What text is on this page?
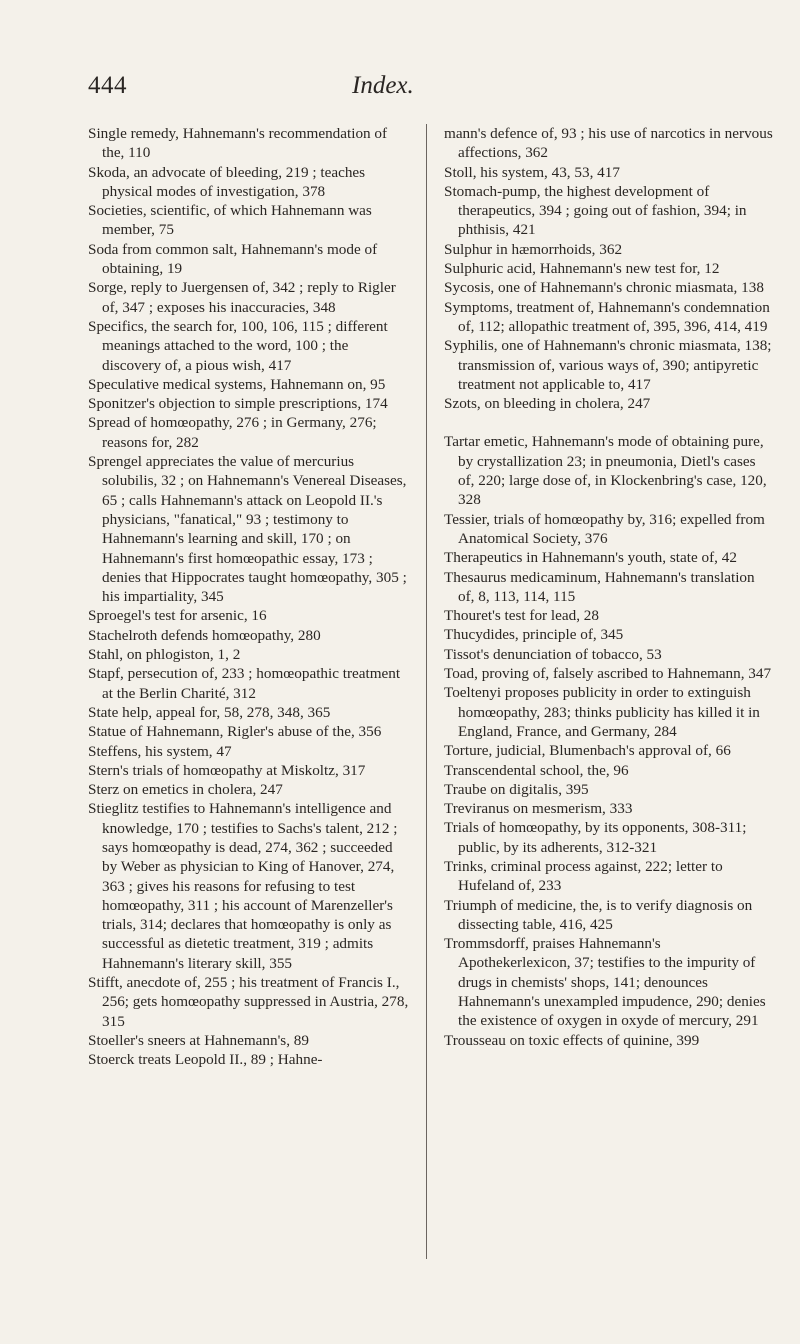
444	Index.

Single remedy, Hahnemann's recommendation of the, 110

Skoda, an advocate of bleeding, 219 ; teaches physical modes of investigation, 378

Societies, scientific, of which Hahnemann was member, 75

Soda from common salt, Hahnemann's mode of obtaining, 19

Sorge, reply to Juergensen of, 342 ; reply to Rigler of, 347 ; exposes his inaccuracies, 348

Specifics, the search for, 100, 106, 115 ; different meanings attached to the word, 100 ; the discovery of, a pious wish, 417

Speculative medical systems, Hahnemann on, 95

Sponitzer's objection to simple prescriptions, 174

Spread of homœopathy, 276 ; in Germany, 276; reasons for, 282

Sprengel appreciates the value of mercurius solubilis, 32 ; on Hahnemann's Venereal Diseases, 65 ; calls Hahnemann's attack on Leopold II.'s physicians, "fanatical," 93 ; testimony to Hahnemann's learning and skill, 170 ; on Hahnemann's first homœopathic essay, 173 ; denies that Hippocrates taught homœopathy, 305 ; his impartiality, 345

Sproegel's test for arsenic, 16

Stachelroth defends homœopathy, 280

Stahl, on phlogiston, 1, 2

Stapf, persecution of, 233 ; homœopathic treatment at the Berlin Charité, 312

State help, appeal for, 58, 278, 348, 365

Statue of Hahnemann, Rigler's abuse of the, 356

Steffens, his system, 47

Stern's trials of homœopathy at Miskoltz, 317

Sterz on emetics in cholera, 247

Stieglitz testifies to Hahnemann's intelligence and knowledge, 170 ; testifies to Sachs's talent, 212 ; says homœopathy is dead, 274, 362 ; succeeded by Weber as physician to King of Hanover, 274, 363 ; gives his reasons for refusing to test homœopathy, 311 ; his account of Marenzeller's trials, 314; declares that homœopathy is only as successful as dietetic treatment, 319 ; admits Hahnemann's literary skill, 355

Stifft, anecdote of, 255 ; his treatment of Francis I., 256; gets homœopathy suppressed in Austria, 278, 315

Stoeller's sneers at Hahnemann's, 89

Stoerck treats Leopold II., 89 ; Hahne-

mann's defence of, 93 ; his use of narcotics in nervous affections, 362

Stoll, his system, 43, 53, 417

Stomach-pump, the highest development of therapeutics, 394 ; going out of fashion, 394; in phthisis, 421

Sulphur in hæmorrhoids, 362

Sulphuric acid, Hahnemann's new test for, 12

Sycosis, one of Hahnemann's chronic miasmata, 138

Symptoms, treatment of, Hahnemann's condemnation of, 112; allopathic treatment of, 395, 396, 414, 419

Syphilis, one of Hahnemann's chronic miasmata, 138; transmission of, various ways of, 390; antipyretic treatment not applicable to, 417

Szots, on bleeding in cholera, 247

Tartar emetic, Hahnemann's mode of obtaining pure, by crystallization 23; in pneumonia, Dietl's cases of, 220; large dose of, in Klockenbring's case, 120, 328

Tessier, trials of homœopathy by, 316; expelled from Anatomical Society, 376

Therapeutics in Hahnemann's youth, state of, 42

Thesaurus medicaminum, Hahnemann's translation of, 8, 113, 114, 115

Thouret's test for lead, 28

Thucydides, principle of, 345

Tissot's denunciation of tobacco, 53

Toad, proving of, falsely ascribed to Hahnemann, 347

Toeltenyi proposes publicity in order to extinguish homœopathy, 283; thinks publicity has killed it in England, France, and Germany, 284

Torture, judicial, Blumenbach's approval of, 66

Transcendental school, the, 96

Traube on digitalis, 395

Treviranus on mesmerism, 333

Trials of homœopathy, by its opponents, 308-311; public, by its adherents, 312-321

Trinks, criminal process against, 222; letter to Hufeland of, 233

Triumph of medicine, the, is to verify diagnosis on dissecting table, 416, 425

Trommsdorff, praises Hahnemann's Apothekerlexicon, 37; testifies to the impurity of drugs in chemists' shops, 141; denounces Hahnemann's unexampled impudence, 290; denies the existence of oxygen in oxyde of mercury, 291

Trousseau on toxic effects of quinine, 399
